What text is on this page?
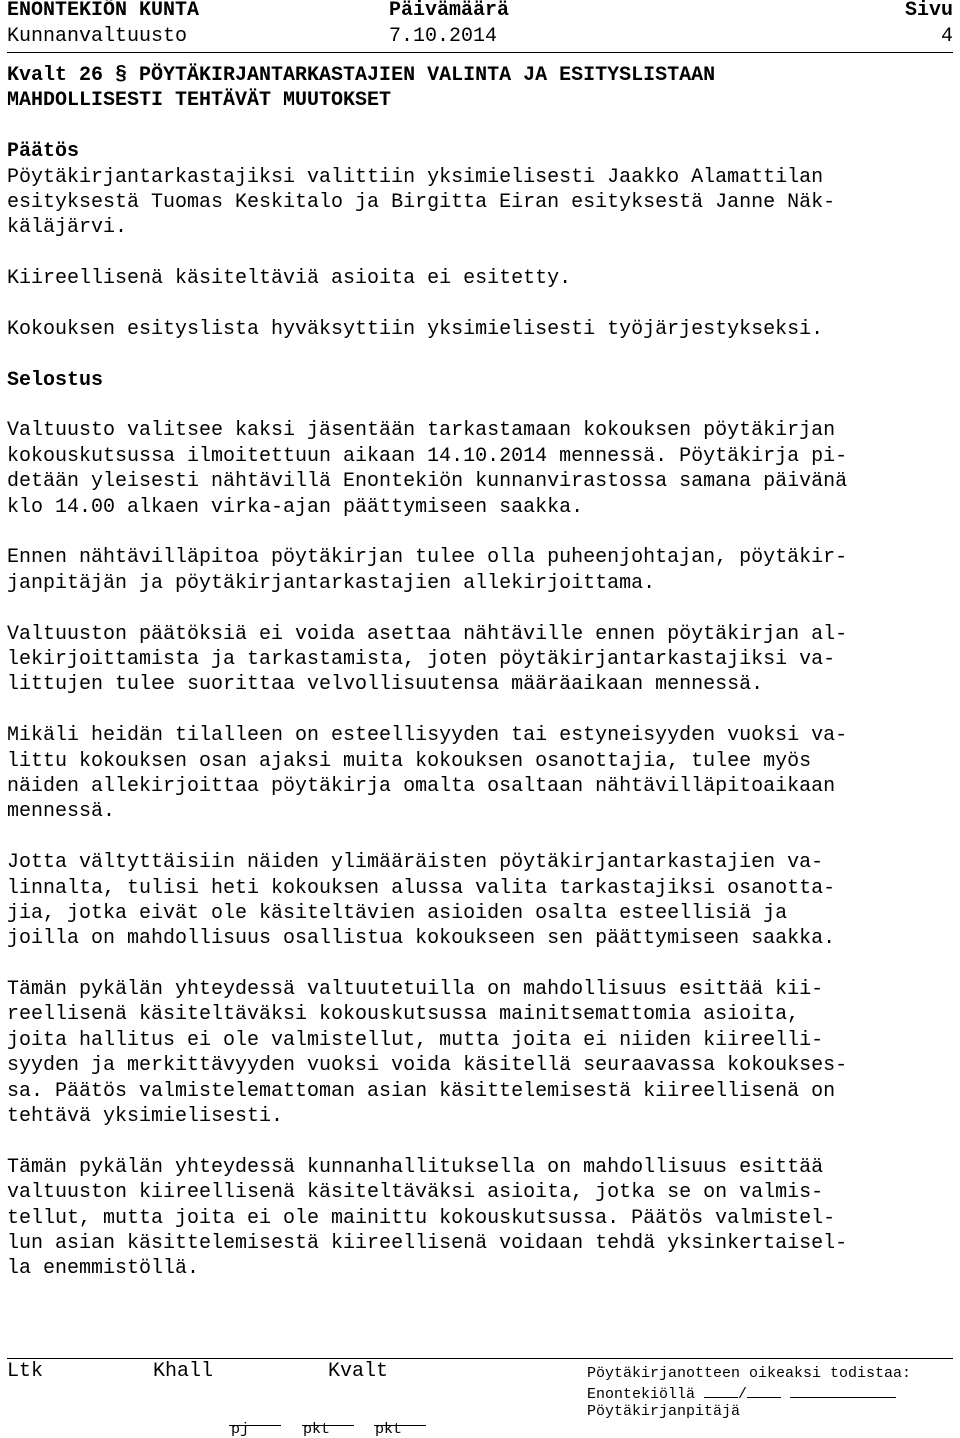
ENONTEKIÖN KUNTA	Päivämäärä	Sivu
Kunnanvaltuusto	7.10.2014	4
Kvalt 26 § PÖYTÄKIRJANTARKASTAJIEN VALINTA JA ESITYSLISTAAN
MAHDOLLISESTI TEHTÄVÄT MUUTOKSET
Päätös
Pöytäkirjantarkastajiksi valittiin yksimielisesti Jaakko Alamattilan
esityksestä Tuomas Keskitalo ja Birgitta Eiran esityksestä Janne Näk-
käläjärvi.
Kiireellisenä käsiteltäviä asioita ei esitetty.
Kokouksen esityslista hyväksyttiin yksimielisesti työjärjestykseksi.
Selostus
Valtuusto valitsee kaksi jäsentään tarkastamaan kokouksen pöytäkirjan
kokouskutsussa ilmoitettuun aikaan 14.10.2014 mennessä. Pöytäkirja pi-
detään yleisesti nähtävillä Enontekiön kunnanvirastossa samana päivänä
klo 14.00 alkaen virka-ajan päättymiseen saakka.
Ennen nähtävilläpitoa pöytäkirjan tulee olla puheenjohtajan, pöytäkir-
janpitäjän ja pöytäkirjantarkastajien allekirjoittama.
Valtuuston päätöksiä ei voida asettaa nähtäville ennen pöytäkirjan al-
lekirjoittamista ja tarkastamista, joten pöytäkirjantarkastajiksi va-
littujen tulee suorittaa velvollisuutensa määräaikaan mennessä.
Mikäli heidän tilalleen on esteellisyyden tai estyneisyyden vuoksi va-
littu kokouksen osan ajaksi muita kokouksen osanottajia, tulee myös
näiden allekirjoittaa pöytäkirja omalta osaltaan nähtävilläpitoaikaan
mennessä.
Jotta vältyttäisiin näiden ylimääräisten pöytäkirjantarkastajien va-
linnalta, tulisi heti kokouksen alussa valita tarkastajiksi osanotta-
jia, jotka eivät ole käsiteltävien asioiden osalta esteellisiä ja
joilla on mahdollisuus osallistua kokoukseen sen päättymiseen saakka.
Tämän pykälän yhteydessä valtuutetuilla on mahdollisuus esittää kii-
reellisenä käsiteltäväksi kokouskutsussa mainitsemattomia asioita,
joita hallitus ei ole valmistellut, mutta joita ei niiden kiireelli-
syyden ja merkittävyyden vuoksi voida käsitellä seuraavassa kokoukses-
sa. Päätös valmistelemattoman asian käsittelemisestä kiireellisenä on
tehtävä yksimielisesti.
Tämän pykälän yhteydessä kunnanhallituksella on mahdollisuus esittää
valtuuston kiireellisenä käsiteltäväksi asioita, jotka se on valmis-
tellut, mutta joita ei ole mainittu kokouskutsussa. Päätös valmistel-
lun asian käsittelemisestä kiireellisenä voidaan tehdä yksinkertaisel-
la enemmistöllä.
Ltk	Khall	Kvalt
pj	pkt	pkt
Pöytäkirjanotteen oikeaksi todistaa:
Enontekiöllä	/
Pöytäkirjanpitäjä
